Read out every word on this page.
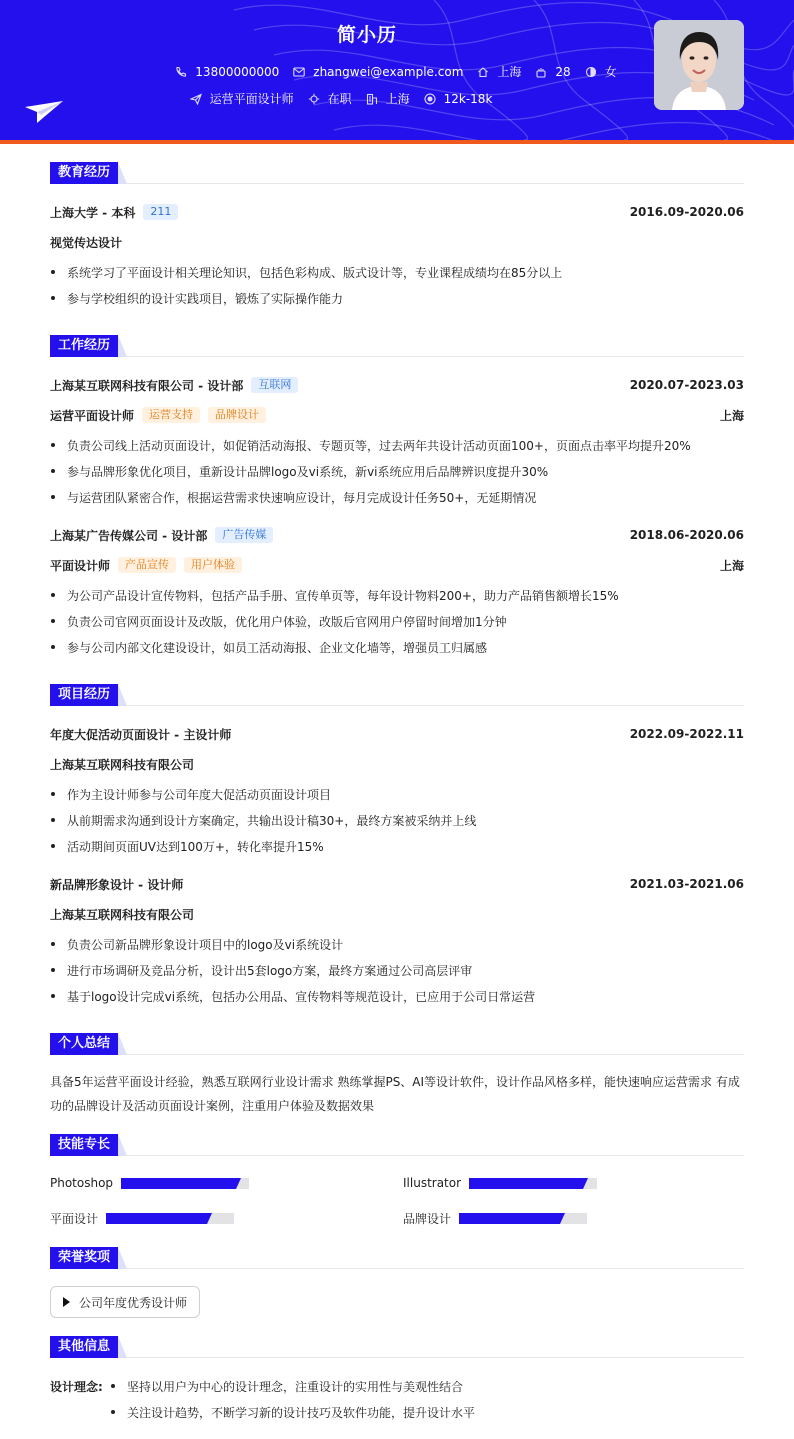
简小历
13800000000	zhangwei@example.com	上海	28	女
运营平面设计师	在职	上海	12k-18k
教育经历
上海大学 - 本科	211	2016.09-2020.06
视觉传达设计
系统学习了平面设计相关理论知识，包括色彩构成、版式设计等，专业课程成绩均在85分以上
参与学校组织的设计实践项目，锻炼了实际操作能力
工作经历
上海某互联网科技有限公司 - 设计部	互联网	2020.07-2023.03
运营平面设计师	运营支持	品牌设计	上海
负责公司线上活动页面设计，如促销活动海报、专题页等，过去两年共设计活动页面100+，页面点击率平均提升20%
参与品牌形象优化项目，重新设计品牌logo及vi系统，新vi系统应用后品牌辨识度提升30%
与运营团队紧密合作，根据运营需求快速响应设计，每月完成设计任务50+，无延期情况
上海某广告传媒公司 - 设计部	广告传媒	2018.06-2020.06
平面设计师	产品宣传	用户体验	上海
为公司产品设计宣传物料，包括产品手册、宣传单页等，每年设计物料200+，助力产品销售额增长15%
负责公司官网页面设计及改版，优化用户体验，改版后官网用户停留时间增加1分钟
参与公司内部文化建设设计，如员工活动海报、企业文化墙等，增强员工归属感
项目经历
年度大促活动页面设计 - 主设计师	2022.09-2022.11
上海某互联网科技有限公司
作为主设计师参与公司年度大促活动页面设计项目
从前期需求沟通到设计方案确定，共输出设计稿30+，最终方案被采纳并上线
活动期间页面UV达到100万+，转化率提升15%
新品牌形象设计 - 设计师	2021.03-2021.06
上海某互联网科技有限公司
负责公司新品牌形象设计项目中的logo及vi系统设计
进行市场调研及竞品分析，设计出5套logo方案，最终方案通过公司高层评审
基于logo设计完成vi系统，包括办公用品、宣传物料等规范设计，已应用于公司日常运营
个人总结
具备5年运营平面设计经验，熟悉互联网行业设计需求 熟练掌握PS、AI等设计软件，设计作品风格多样，能快速响应运营需求 有成
功的品牌设计及活动页面设计案例，注重用户体验及数据效果
技能专长
Photoshop	Illustrator
平面设计	品牌设计
荣誉奖项
公司年度优秀设计师
其他信息
设计理念:	坚持以用户为中心的设计理念，注重设计的实用性与美观性结合
关注设计趋势，不断学习新的设计技巧及软件功能，提升设计水平
